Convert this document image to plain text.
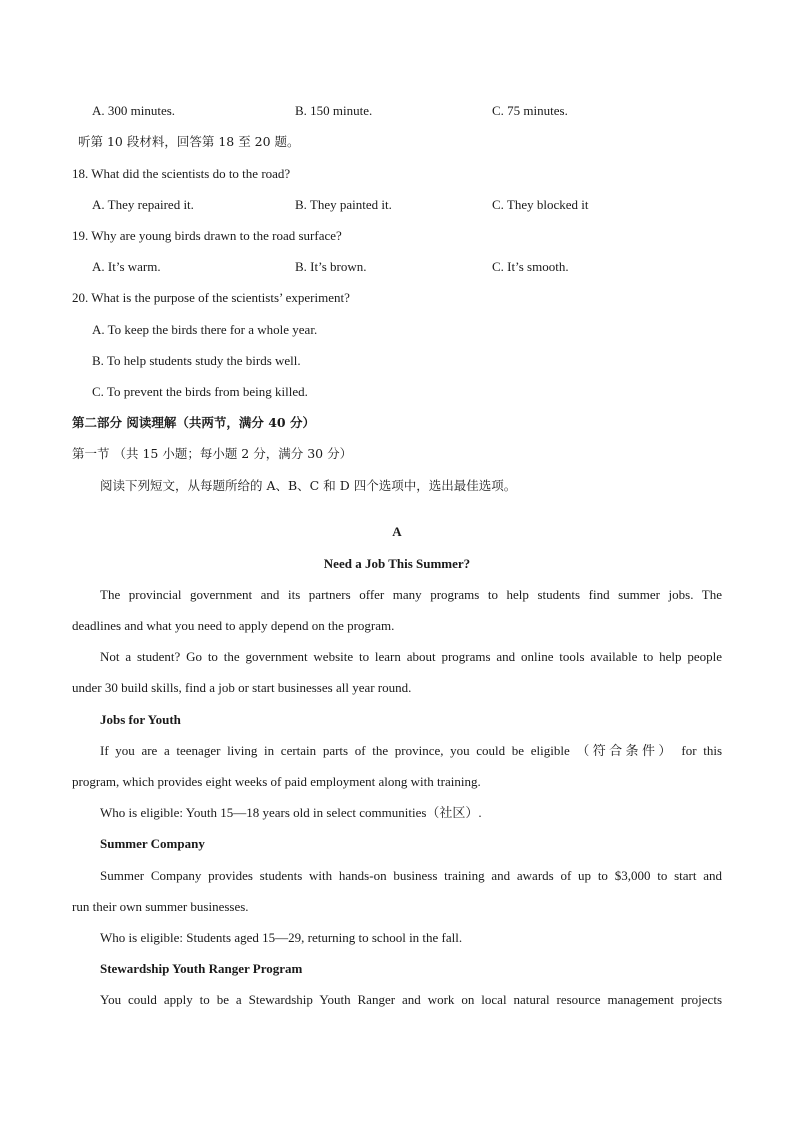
A. 300 minutes.	B. 150 minute.	C. 75 minutes.
听第 10 段材料，回答第 18 至 20 题。
18. What did the scientists do to the road?
A. They repaired it.	B. They painted it.	C. They blocked it
19. Why are young birds drawn to the road surface?
A. It’s warm.	B. It’s brown.	C. It’s smooth.
20. What is the purpose of the scientists’ experiment?
A. To keep the birds there for a whole year.
B. To help students study the birds well.
C. To prevent the birds from being killed.
第二部分 阅读理解（共两节，满分 40 分）
第一节 （共 15 小题；每小题 2 分，满分 30 分）
阅读下列短文，从每题所给的 A、B、C 和 D 四个选项中，选出最佳选项。
A
Need a Job This Summer?
The provincial government and its partners offer many programs to help students find summer jobs. The
deadlines and what you need to apply depend on the program.
Not a student? Go to the government website to learn about programs and online tools available to help people
under 30 build skills, find a job or start businesses all year round.
Jobs for Youth
If you are a teenager living in certain parts of the province, you could be eligible （符合条件） for this
program, which provides eight weeks of paid employment along with training.
Who is eligible: Youth 15—18 years old in select communities（社区）.
Summer Company
Summer Company provides students with hands-on business training and awards of up to $3,000 to start and
run their own summer businesses.
Who is eligible: Students aged 15—29, returning to school in the fall.
Stewardship Youth Ranger Program
You could apply to be a Stewardship Youth Ranger and work on local natural resource management projects
